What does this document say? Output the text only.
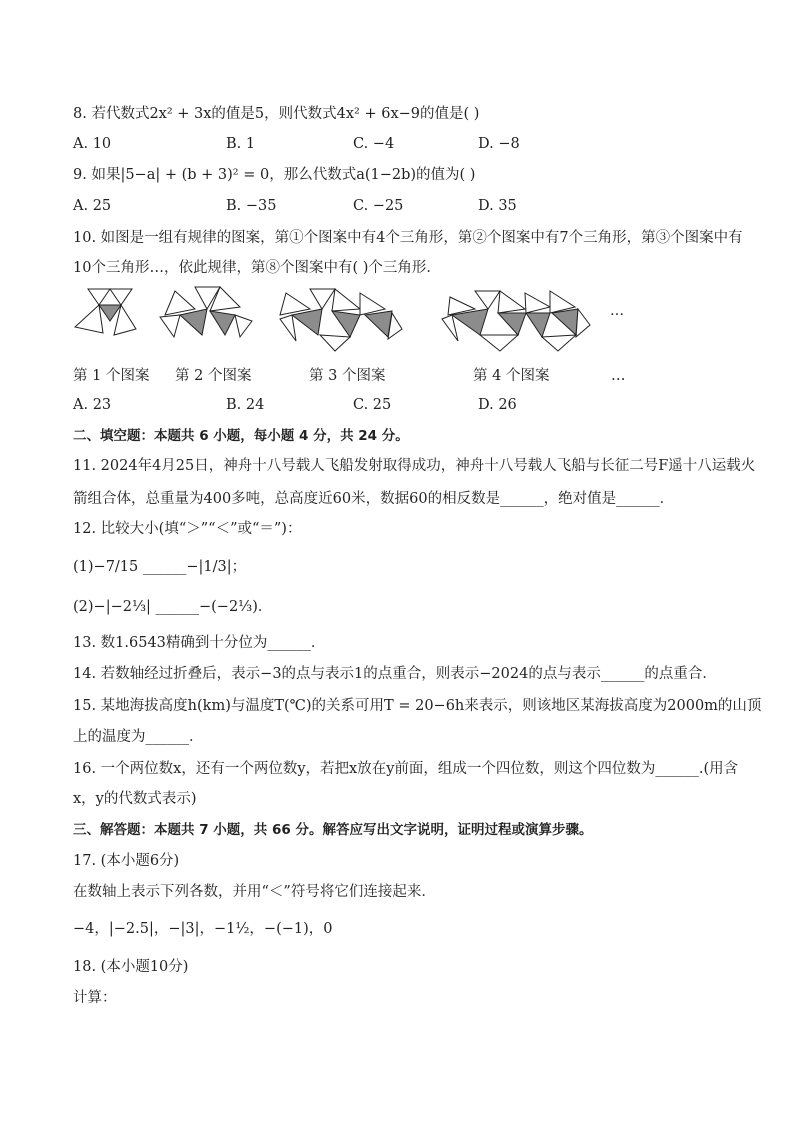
8. 若代数式2x² + 3x的值是5，则代数式4x² + 6x−9的值是( )
A. 10	B. 1	C. −4	D. −8
9. 如果|5−a| + (b + 3)² = 0，那么代数式a(1−2b)的值为( )
A. 25	B. −35	C. −25	D. 35
10. 如图是一组有规律的图案，第①个图案中有4个三角形，第②个图案中有7个三角形，第③个图案中有
10个三角形…，依此规律，第⑧个图案中有( )个三角形．
…
第 1 个图案 第 2 个图案	第 3 个图案	第 4 个图案	…
A. 23	B. 24	C. 25	D. 26
二、填空题：本题共 6 小题，每小题 4 分，共 24 分。
11. 2024年4月25日，神舟十八号载人飞船发射取得成功，神舟十八号载人飞船与长征二号F遥十八运载火
箭组合体，总重量为400多吨，总高度近60米，数据60的相反数是______，绝对值是______．
12. 比较大小(填“＞”“＜”或“＝”)：
(1)−7/15 ______−|1/3|；
(2)−|−2⅓| ______−(−2⅓)．
13. 数1.6543精确到十分位为______．
14. 若数轴经过折叠后，表示−3的点与表示1的点重合，则表示−2024的点与表示______的点重合．
15. 某地海拔高度h(km)与温度T(℃)的关系可用T = 20−6h来表示，则该地区某海拔高度为2000m的山顶
上的温度为______．
16. 一个两位数x，还有一个两位数y，若把x放在y前面，组成一个四位数，则这个四位数为______.(用含
x，y的代数式表示)
三、解答题：本题共 7 小题，共 66 分。解答应写出文字说明，证明过程或演算步骤。
17. (本小题6分)
在数轴上表示下列各数，并用“＜”符号将它们连接起来．
−4，|−2.5|，−|3|，−1½，−(−1)，0
18. (本小题10分)
计算：
